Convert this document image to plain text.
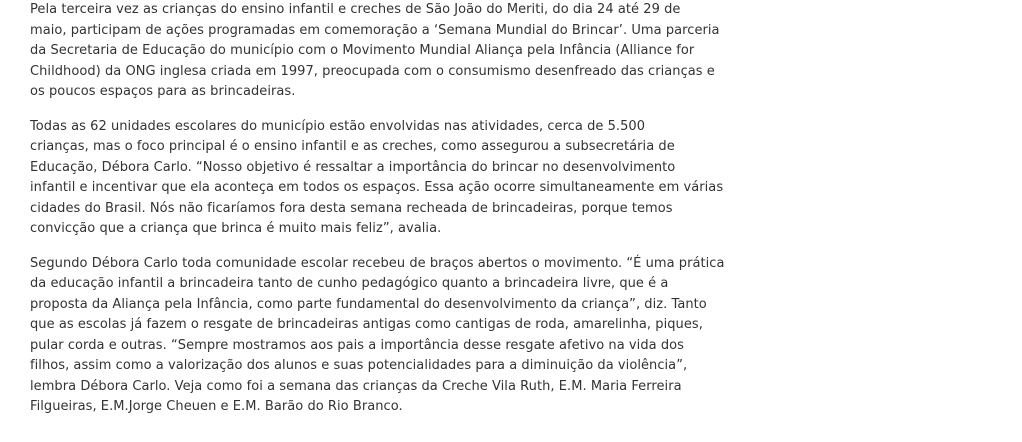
Pela terceira vez as crianças do ensino infantil e creches de São João do Meriti, do dia 24 até 29 de
maio, participam de ações programadas em comemoração a ‘Semana Mundial do Brincar’. Uma parceria
da Secretaria de Educação do município com o Movimento Mundial Aliança pela Infância (Alliance for
Childhood) da ONG inglesa criada em 1997, preocupada com o consumismo desenfreado das crianças e
os poucos espaços para as brincadeiras.

Todas as 62 unidades escolares do município estão envolvidas nas atividades, cerca de 5.500
crianças, mas o foco principal é o ensino infantil e as creches, como assegurou a subsecretária de
Educação, Débora Carlo. “Nosso objetivo é ressaltar a importância do brincar no desenvolvimento
infantil e incentivar que ela aconteça em todos os espaços. Essa ação ocorre simultaneamente em várias
cidades do Brasil. Nós não ficaríamos fora desta semana recheada de brincadeiras, porque temos
convicção que a criança que brinca é muito mais feliz”, avalia.

Segundo Débora Carlo toda comunidade escolar recebeu de braços abertos o movimento. “É uma prática
da educação infantil a brincadeira tanto de cunho pedagógico quanto a brincadeira livre, que é a
proposta da Aliança pela Infância, como parte fundamental do desenvolvimento da criança”, diz. Tanto
que as escolas já fazem o resgate de brincadeiras antigas como cantigas de roda, amarelinha, piques,
pular corda e outras. “Sempre mostramos aos pais a importância desse resgate afetivo na vida dos
filhos, assim como a valorização dos alunos e suas potencialidades para a diminuição da violência”,
lembra Débora Carlo. Veja como foi a semana das crianças da Creche Vila Ruth, E.M. Maria Ferreira
Filgueiras, E.M.Jorge Cheuen e E.M. Barão do Rio Branco.
